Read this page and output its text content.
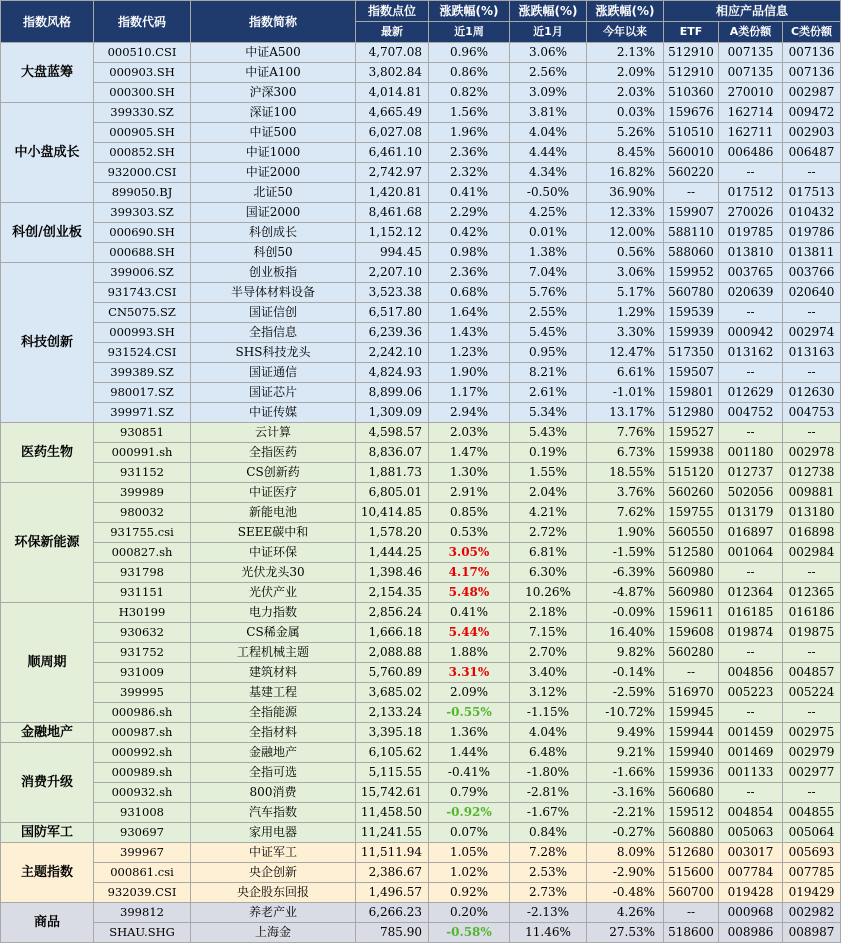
指数风格	指数代码	指数简称	指数点位	涨跌幅(%)	涨跌幅(%)	涨跌幅(%)	相应产品信息		
			最新	近1周	近1月	今年以来	ETF	A类份额	C类份额
大盘蓝筹	000510.CSI	中证A500	4,707.08	0.96%	3.06%	2.13%	512910	007135	007136
	000903.SH	中证A100	3,802.84	0.86%	2.56%	2.09%	512910	007135	007136
	000300.SH	沪深300	4,014.81	0.82%	3.09%	2.03%	510360	270010	002987
中小盘成长	399330.SZ	深证100	4,665.49	1.56%	3.81%	0.03%	159676	162714	009472
	000905.SH	中证500	6,027.08	1.96%	4.04%	5.26%	510510	162711	002903
	000852.SH	中证1000	6,461.10	2.36%	4.44%	8.45%	560010	006486	006487
	932000.CSI	中证2000	2,742.97	2.32%	4.34%	16.82%	560220	--	--
	899050.BJ	北证50	1,420.81	0.41%	-0.50%	36.90%	--	017512	017513
科创/创业板	399303.SZ	国证2000	8,461.68	2.29%	4.25%	12.33%	159907	270026	010432
	000690.SH	科创成长	1,152.12	0.42%	0.01%	12.00%	588110	019785	019786
	000688.SH	科创50	994.45	0.98%	1.38%	0.56%	588060	013810	013811
科技创新	399006.SZ	创业板指	2,207.10	2.36%	7.04%	3.06%	159952	003765	003766
	931743.CSI	半导体材料设备	3,523.38	0.68%	5.76%	5.17%	560780	020639	020640
	CN5075.SZ	国证信创	6,517.80	1.64%	2.55%	1.29%	159539	--	--
	000993.SH	全指信息	6,239.36	1.43%	5.45%	3.30%	159939	000942	002974
	931524.CSI	SHS科技龙头	2,242.10	1.23%	0.95%	12.47%	517350	013162	013163
	399389.SZ	国证通信	4,824.93	1.90%	8.21%	6.61%	159507	--	--
	980017.SZ	国证芯片	8,899.06	1.17%	2.61%	-1.01%	159801	012629	012630
	399971.SZ	中证传媒	1,309.09	2.94%	5.34%	13.17%	512980	004752	004753
医药生物	930851	云计算	4,598.57	2.03%	5.43%	7.76%	159527	--	--
	000991.sh	全指医药	8,836.07	1.47%	0.19%	6.73%	159938	001180	002978
	931152	CS创新药	1,881.73	1.30%	1.55%	18.55%	515120	012737	012738
环保新能源	399989	中证医疗	6,805.01	2.91%	2.04%	3.76%	560260	502056	009881
	980032	新能电池	10,414.85	0.85%	4.21%	7.62%	159755	013179	013180
	931755.csi	SEEE碳中和	1,578.20	0.53%	2.72%	1.90%	560550	016897	016898
	000827.sh	中证环保	1,444.25	3.05%	6.81%	-1.59%	512580	001064	002984
	931798	光伏龙头30	1,398.46	4.17%	6.30%	-6.39%	560980	--	--
	931151	光伏产业	2,154.35	5.48%	10.26%	-4.87%	560980	012364	012365
顺周期	H30199	电力指数	2,856.24	0.41%	2.18%	-0.09%	159611	016185	016186
	930632	CS稀金属	1,666.18	5.44%	7.15%	16.40%	159608	019874	019875
	931752	工程机械主题	2,088.88	1.88%	2.70%	9.82%	560280	--	--
	931009	建筑材料	5,760.89	3.31%	3.40%	-0.14%	--	004856	004857
	399995	基建工程	3,685.02	2.09%	3.12%	-2.59%	516970	005223	005224
	000986.sh	全指能源	2,133.24	-0.55%	-1.15%	-10.72%	159945	--	--
金融地产	000987.sh	全指材料	3,395.18	1.36%	4.04%	9.49%	159944	001459	002975
消费升级	000992.sh	金融地产	6,105.62	1.44%	6.48%	9.21%	159940	001469	002979
	000989.sh	全指可选	5,115.55	-0.41%	-1.80%	-1.66%	159936	001133	002977
	000932.sh	800消费	15,742.61	0.79%	-2.81%	-3.16%	560680	--	--
	931008	汽车指数	11,458.50	-0.92%	-1.67%	-2.21%	159512	004854	004855
国防军工	930697	家用电器	11,241.55	0.07%	0.84%	-0.27%	560880	005063	005064
主题指数	399967	中证军工	11,511.94	1.05%	7.28%	8.09%	512680	003017	005693
	000861.csi	央企创新	2,386.67	1.02%	2.53%	-2.90%	515600	007784	007785
	932039.CSI	央企股东回报	1,496.57	0.92%	2.73%	-0.48%	560700	019428	019429
商品	399812	养老产业	6,266.23	0.20%	-2.13%	4.26%	--	000968	002982
	SHAU.SHG	上海金	785.90	-0.58%	11.46%	27.53%	518600	008986	008987
